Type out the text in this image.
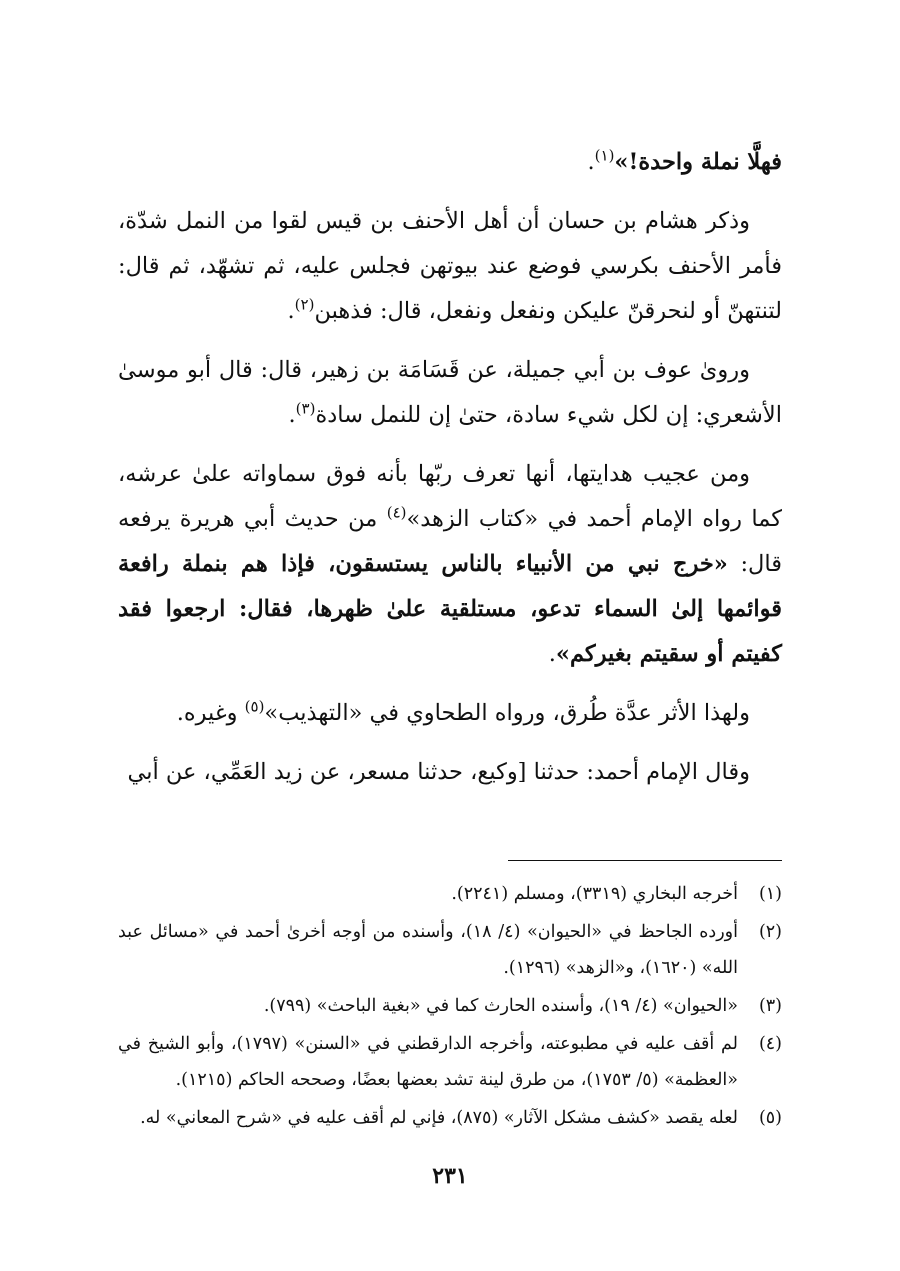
فهلَّا نملة واحدة!»$^{(١)}$.

وذكر هشام بن حسان أن أهل الأحنف بن قيس لقوا من النمل شدّة، فأمر الأحنف بكرسي فوضع عند بيوتهن فجلس عليه، ثم تشهّد، ثم قال: لتنتهنّ أو لنحرقنّ عليكن ونفعل ونفعل، قال: فذهبن$^{(٢)}$.

وروىٰ عوف بن أبي جميلة، عن قَسَامَة بن زهير، قال: قال أبو موسىٰ الأشعري: إن لكل شيء سادة، حتىٰ إن للنمل سادة$^{(٣)}$.

ومن عجيب هدايتها، أنها تعرف ربّها بأنه فوق سماواته علىٰ عرشه، كما رواه الإمام أحمد في «كتاب الزهد»$^{(٤)}$ من حديث أبي هريرة يرفعه قال: «خرج نبي من الأنبياء بالناس يستسقون، فإذا هم بنملة رافعة قوائمها إلىٰ السماء تدعو، مستلقية علىٰ ظهرها، فقال: ارجعوا فقد كفيتم أو سقيتم بغيركم».

ولهذا الأثر عدَّة طُرق، ورواه الطحاوي في «التهذيب»$^{(٥)}$ وغيره.

وقال الإمام أحمد: حدثنا [وكيع، حدثنا مسعر، عن زيد العَمِّي، عن أبي

(١)
أخرجه البخاري (٣٣١٩)، ومسلم (٢٢٤١).
(٢)
أورده الجاحظ في «الحيوان» (٤/ ١٨)، وأسنده من أوجه أخرىٰ أحمد في «مسائل عبد الله» (١٦٢٠)، و«الزهد» (١٢٩٦).
(٣)
«الحيوان» (٤/ ١٩)، وأسنده الحارث كما في «بغية الباحث» (٧٩٩).
(٤)
لم أقف عليه في مطبوعته، وأخرجه الدارقطني في «السنن» (١٧٩٧)، وأبو الشيخ في «العظمة» (٥/ ١٧٥٣)، من طرق لينة تشد بعضها بعضًا، وصححه الحاكم (١٢١٥).
(٥)
لعله يقصد «كشف مشكل الآثار» (٨٧٥)، فإني لم أقف عليه في «شرح المعاني» له.
٢٣١
